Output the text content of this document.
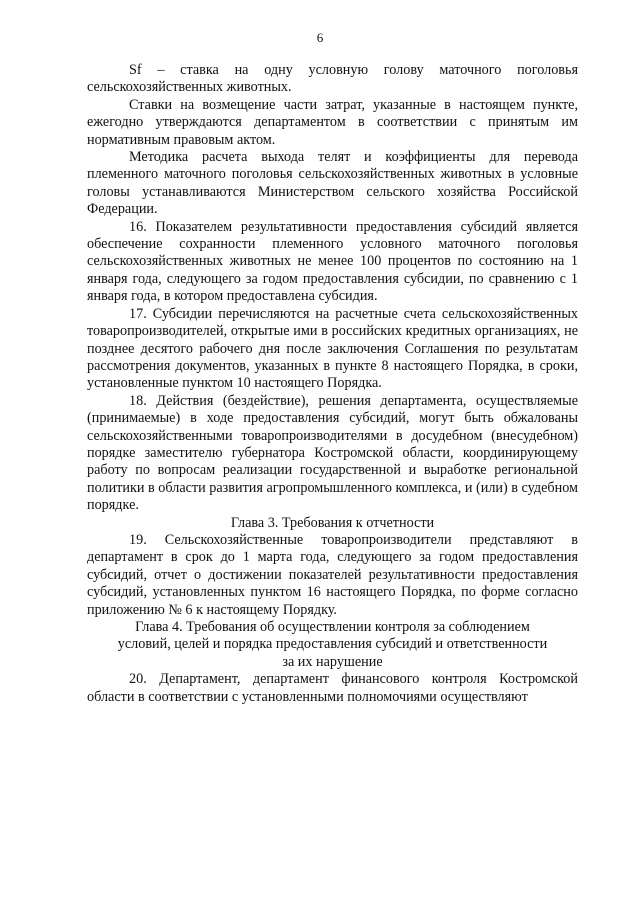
6

Sf – ставка на одну условную голову маточного поголовья сельскохозяйственных животных.

Ставки на возмещение части затрат, указанные в настоящем пункте, ежегодно утверждаются департаментом в соответствии с принятым им нормативным правовым актом.

Методика расчета выхода телят и коэффициенты для перевода племенного маточного поголовья сельскохозяйственных животных в условные головы устанавливаются Министерством сельского хозяйства Российской Федерации.

16. Показателем результативности предоставления субсидий является обеспечение сохранности племенного условного маточного поголовья сельскохозяйственных животных не менее 100 процентов по состоянию на 1 января года, следующего за годом предоставления субсидии, по сравнению с 1 января года, в котором предоставлена субсидия.

17. Субсидии перечисляются на расчетные счета сельскохозяйственных товаропроизводителей, открытые ими в российских кредитных организациях, не позднее десятого рабочего дня после заключения Соглашения по результатам рассмотрения документов, указанных в пункте 8 настоящего Порядка, в сроки, установленные пунктом 10 настоящего Порядка.

18. Действия (бездействие), решения департамента, осуществляемые (принимаемые) в ходе предоставления субсидий, могут быть обжалованы сельскохозяйственными товаропроизводителями в досудебном (внесудебном) порядке заместителю губернатора Костромской области, координирующему работу по вопросам реализации государственной и выработке региональной политики в области развития агропромышленного комплекса, и (или) в судебном порядке.

Глава 3. Требования к отчетности

19. Сельскохозяйственные товаропроизводители представляют в департамент в срок до 1 марта года, следующего за годом предоставления субсидий, отчет о достижении показателей результативности предоставления субсидий, установленных пунктом 16 настоящего Порядка, по форме согласно приложению № 6 к настоящему Порядку.

Глава 4. Требования об осуществлении контроля за соблюдением
условий, целей и порядка предоставления субсидий и ответственности
за их нарушение

20. Департамент, департамент финансового контроля Костромской области в соответствии с установленными полномочиями осуществляют
